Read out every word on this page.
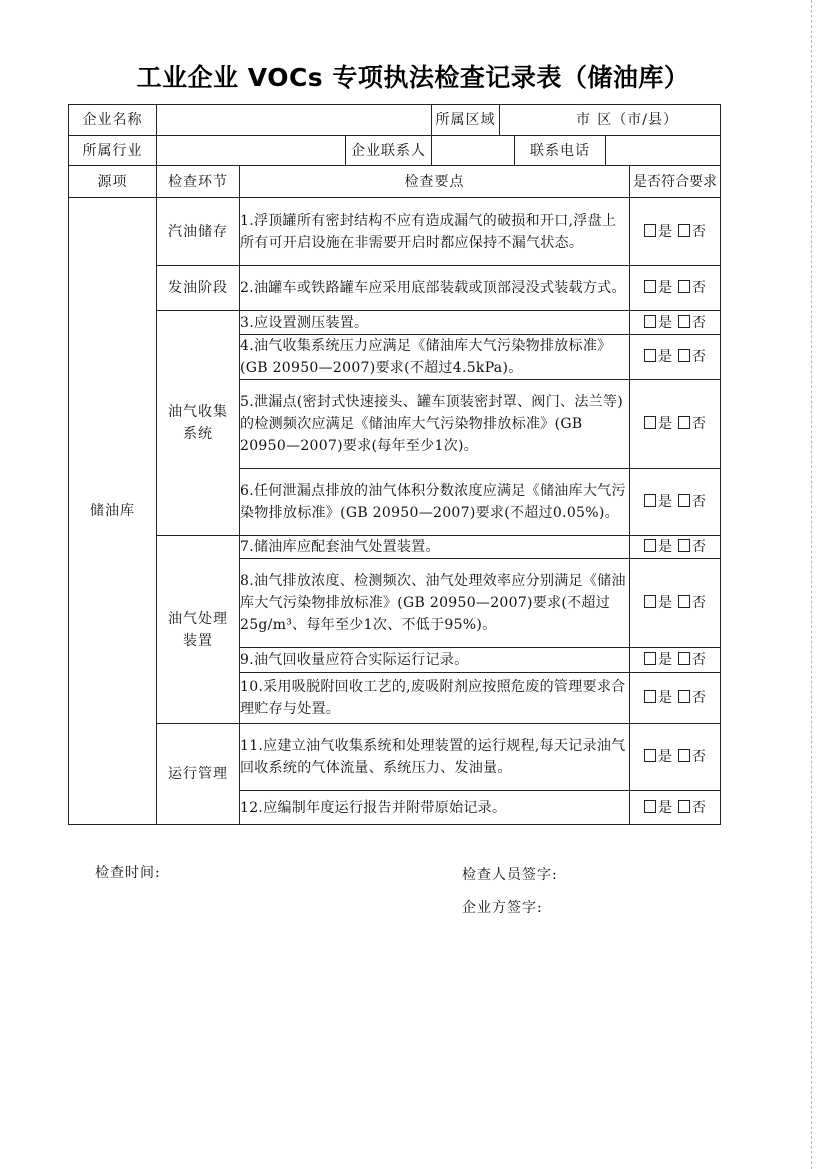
工业企业 VOCs 专项执法检查记录表（储油库）
企业名称				所属区域	市 区（市/县）			
所属行业			企业联系人			联系电话		
源项	检查环节	检查要点						是否符合要求
储油库	汽油储存	1.浮顶罐所有密封结构不应有造成漏气的破损和开口,浮盘上所有可开启设施在非需要开启时都应保持不漏气状态。						是 否
	发油阶段	2.油罐车或铁路罐车应采用底部装载或顶部浸没式装载方式。						是 否
	油气收集系统	3.应设置测压装置。						是 否
		4.油气收集系统压力应满足《储油库大气污染物排放标准》(GB 20950—2007)要求(不超过4.5kPa)。						是 否
		5.泄漏点(密封式快速接头、罐车顶装密封罩、阀门、法兰等)的检测频次应满足《储油库大气污染物排放标准》(GB 20950—2007)要求(每年至少1次)。						是 否
		6.任何泄漏点排放的油气体积分数浓度应满足《储油库大气污染物排放标准》(GB 20950—2007)要求(不超过0.05%)。						是 否
	油气处理装置	7.储油库应配套油气处置装置。						是 否
		8.油气排放浓度、检测频次、油气处理效率应分别满足《储油库大气污染物排放标准》(GB 20950—2007)要求(不超过25g/m³、每年至少1次、不低于95%)。						是 否
		9.油气回收量应符合实际运行记录。						是 否
		10.采用吸脱附回收工艺的,废吸附剂应按照危废的管理要求合理贮存与处置。						是 否
	运行管理	11.应建立油气收集系统和处理装置的运行规程,每天记录油气回收系统的气体流量、系统压力、发油量。						是 否
		12.应编制年度运行报告并附带原始记录。						是 否
检查时间:	检查人员签字:
企业方签字:
